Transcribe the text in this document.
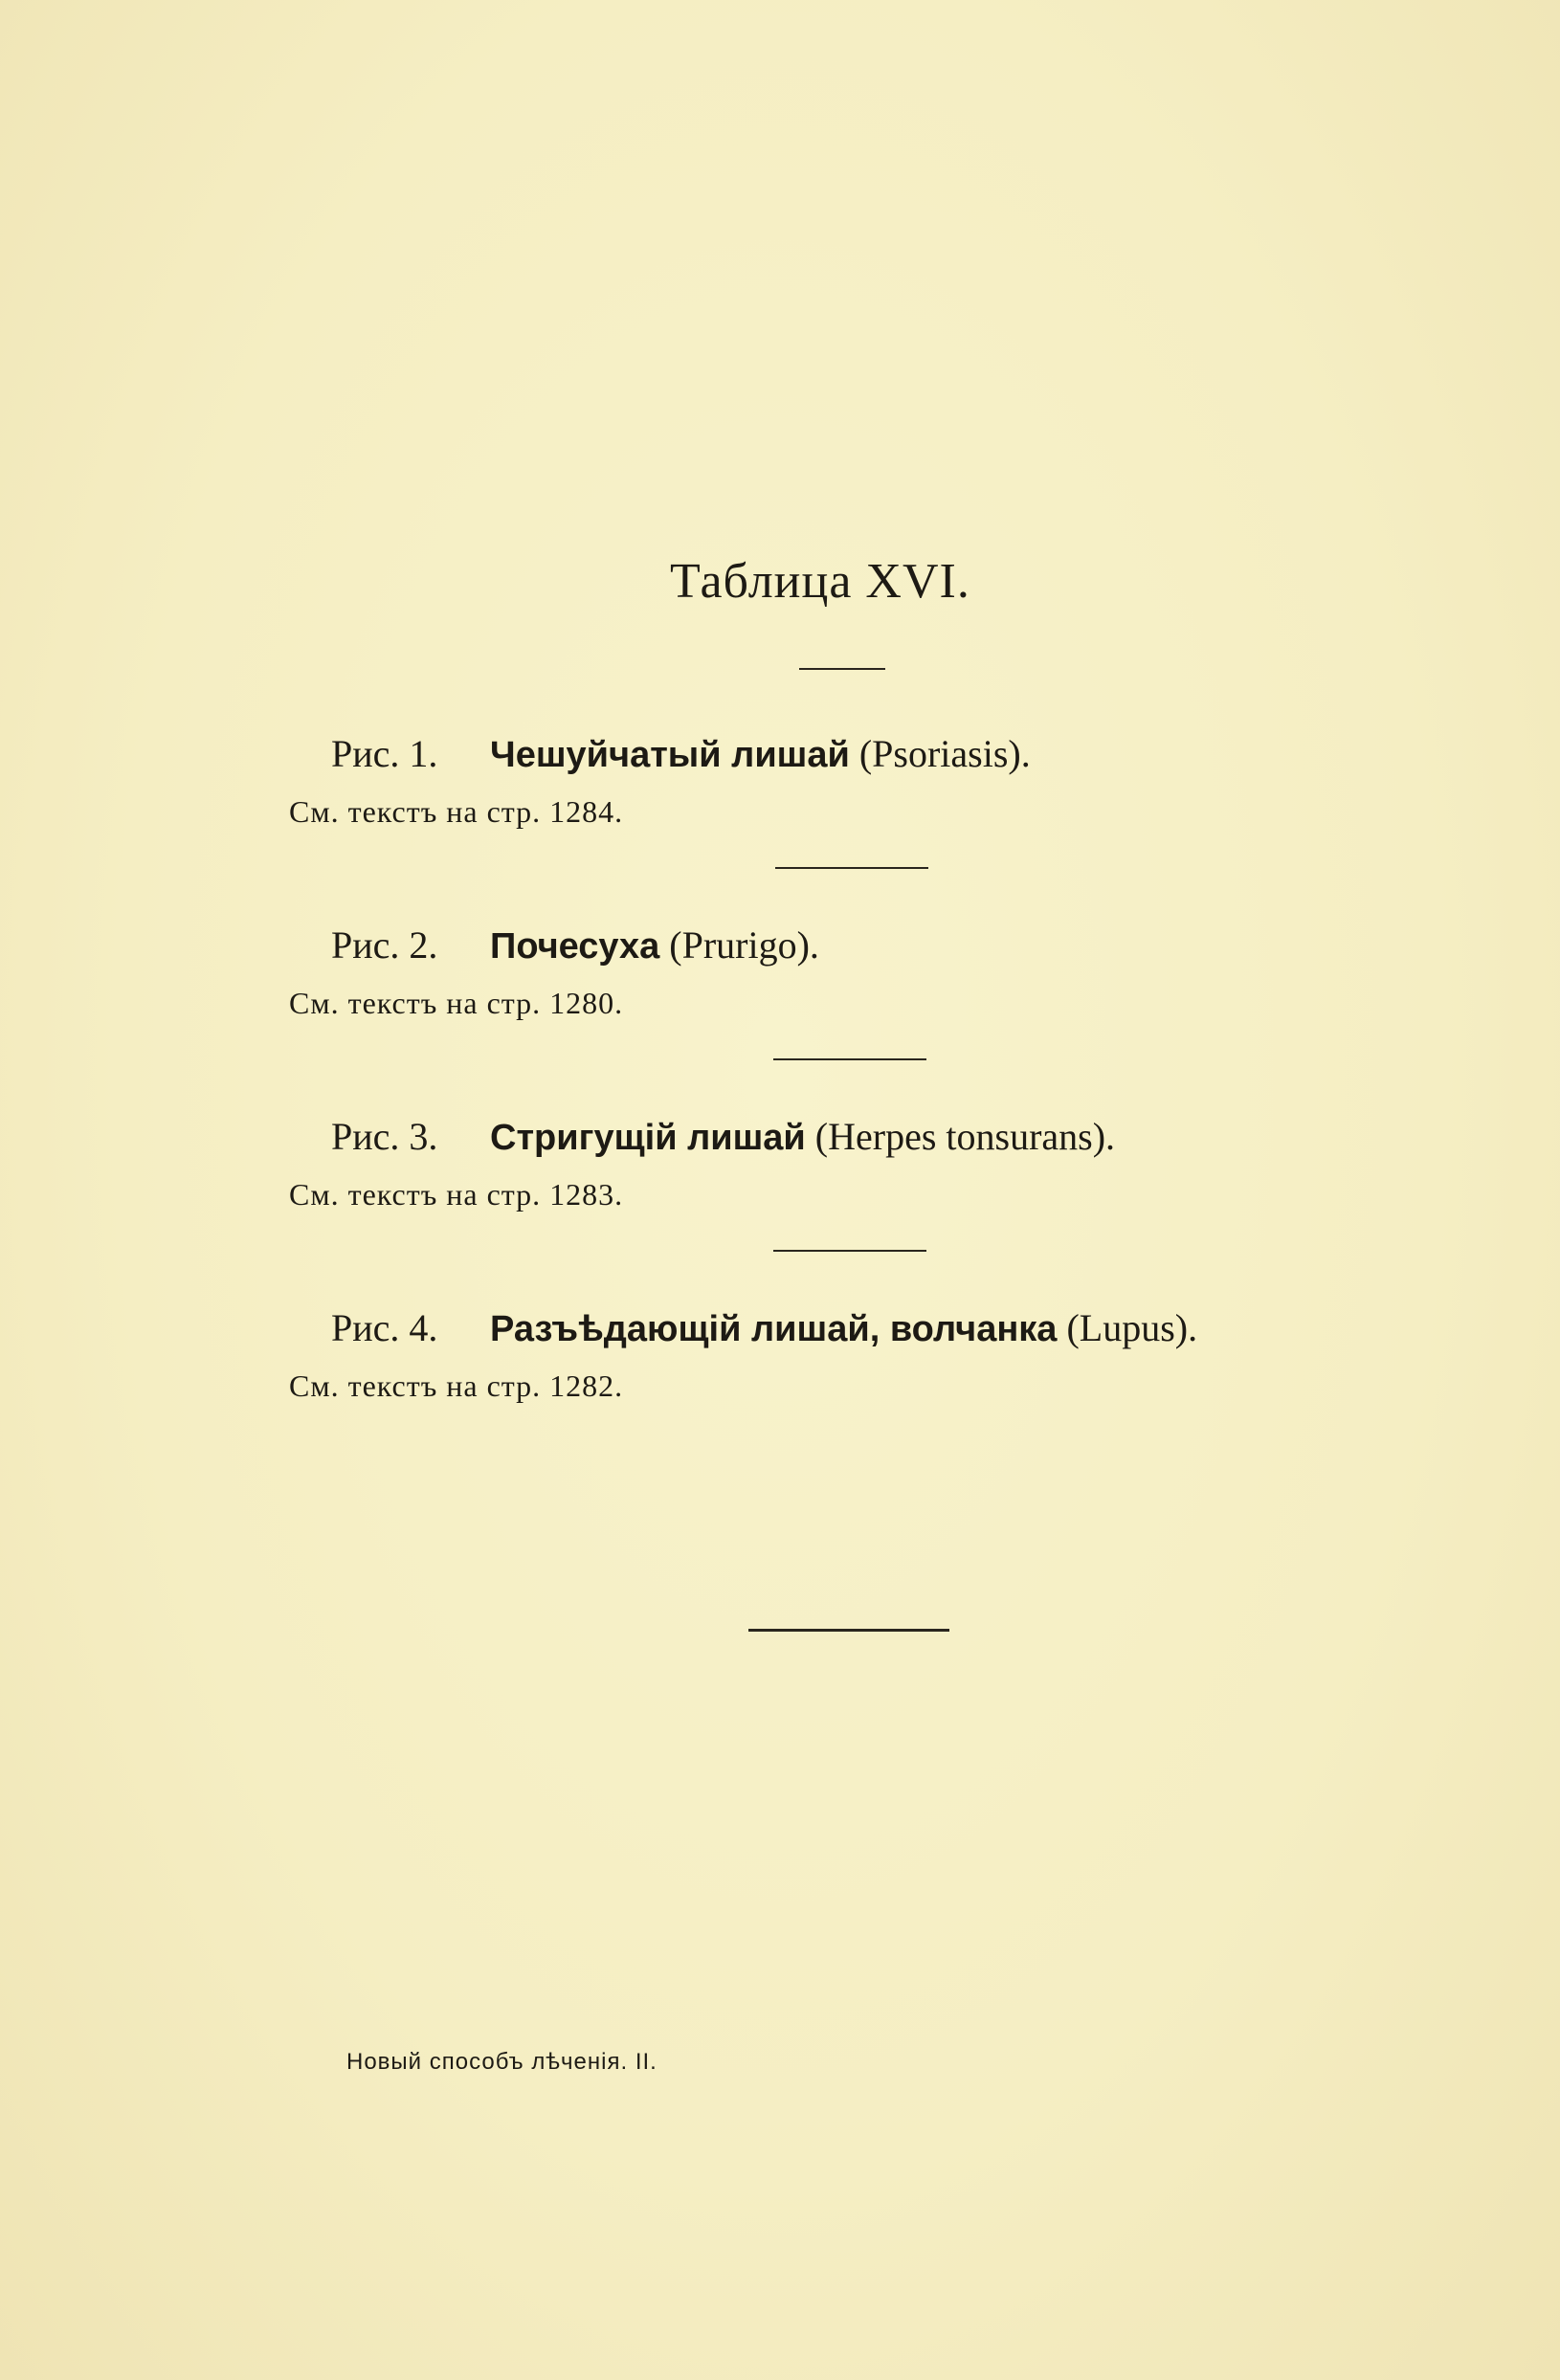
Таблица XVI.
Рис. 1. Чешуйчатый лишай (Psoriasis).
См. текстъ на стр. 1284.
Рис. 2. Почесуха (Prurigo).
См. текстъ на стр. 1280.
Рис. 3. Стригущій лишай (Herpes tonsurans).
См. текстъ на стр. 1283.
Рис. 4. Разъѣдающій лишай, волчанка (Lupus).
См. текстъ на стр. 1282.
Новый способъ лѣченія. II.
